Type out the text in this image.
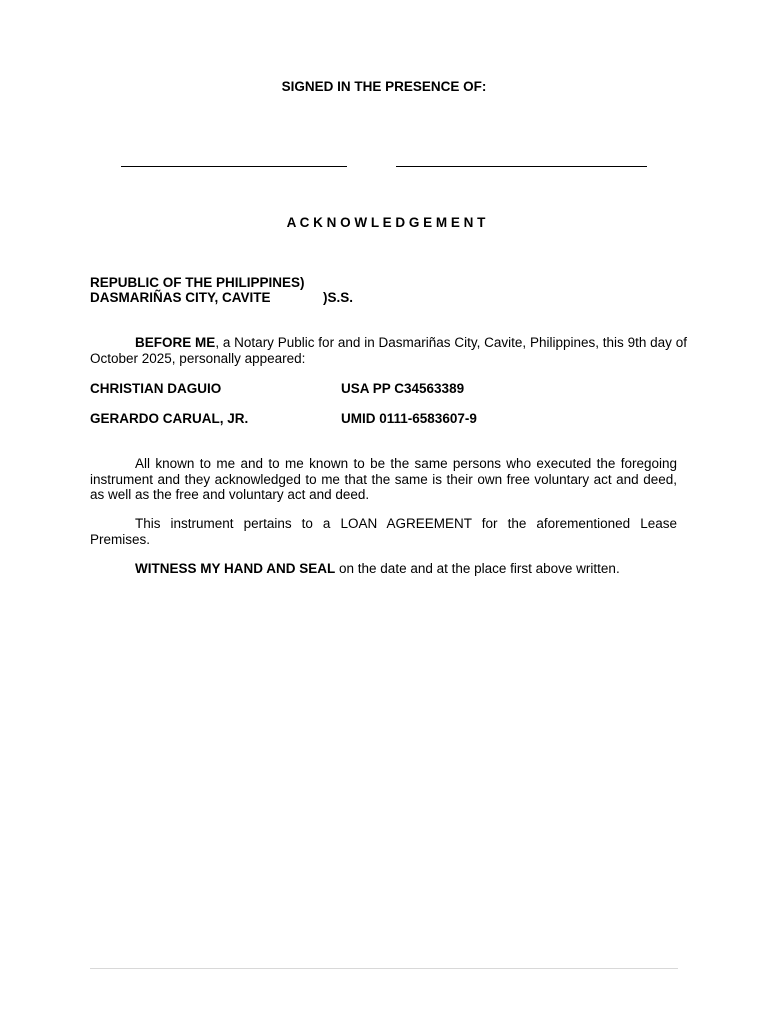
SIGNED IN THE PRESENCE OF:
A C K N O W L E D G E M E N T
REPUBLIC OF THE PHILIPPINES)
DASMARIÑAS CITY, CAVITE	)S.S.
BEFORE ME, a Notary Public for and in Dasmariñas City, Cavite, Philippines, this 9th day of October 2025, personally appeared:
CHRISTIAN DAGUIO	USA PP C34563389
GERARDO CARUAL, JR.	UMID 0111-6583607-9
All known to me and to me known to be the same persons who executed the foregoing instrument and they acknowledged to me that the same is their own free voluntary act and deed, as well as the free and voluntary act and deed.
This instrument pertains to a LOAN AGREEMENT for the aforementioned Lease Premises.
WITNESS MY HAND AND SEAL on the date and at the place first above written.
